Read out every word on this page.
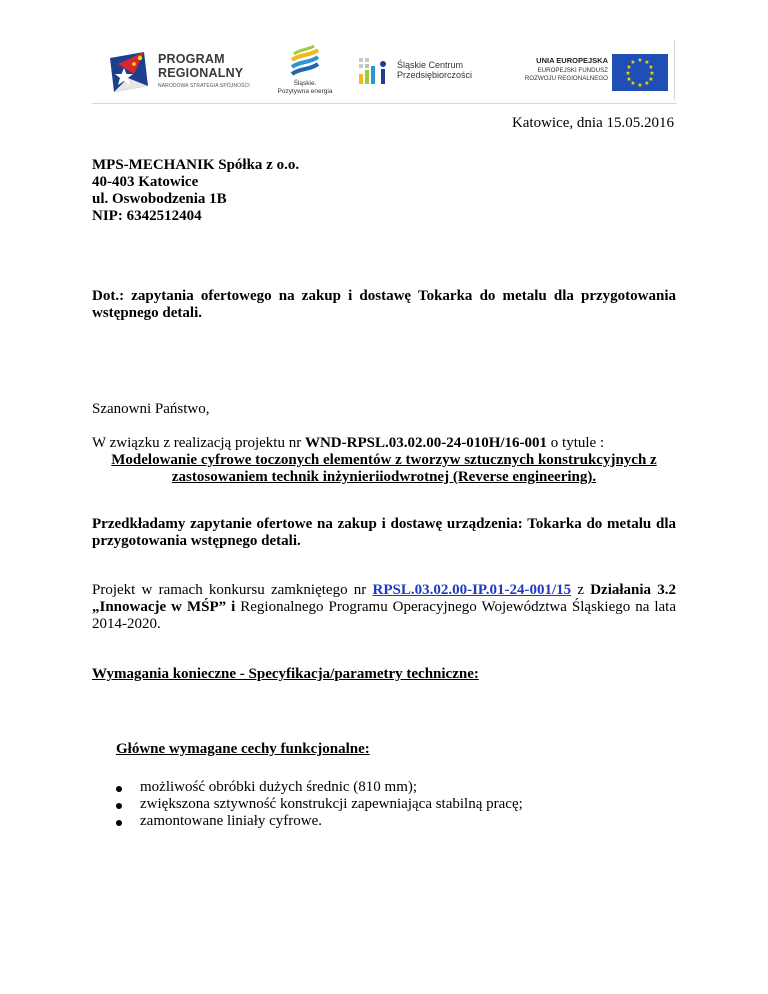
PROGRAM
REGIONALNY
NARODOWA STRATEGIA SPÓJNOŚCI	Śląskie.
Pozytywna energia
Śląskie Centrum
Przedsiębiorczości
UNIA EUROPEJSKA
EUROPEJSKI FUNDUSZ
ROZWOJU REGIONALNEGO
★ ★
★
★
★
★
★
★
★
★
★
★
Katowice, dnia 15.05.2016
MPS-MECHANIK Spółka z o.o.
40-403 Katowice
ul. Oswobodzenia 1B
NIP: 6342512404
Dot.: zapytania ofertowego na zakup i dostawę Tokarka do metalu dla przygotowania wstępnego detali.
Szanowni Państwo,
W związku z realizacją projektu nr WND-RPSL.03.02.00-24-010H/16-001 o tytule :
Modelowanie cyfrowe toczonych elementów z tworzyw sztucznych konstrukcyjnych z
zastosowaniem technik inżynieriiodwrotnej (Reverse engineering).
Przedkładamy zapytanie ofertowe na zakup i dostawę urządzenia: Tokarka do metalu dla przygotowania wstępnego detali.
Projekt w ramach konkursu zamkniętego nr RPSL.03.02.00-IP.01-24-001/15 z Działania 3.2 „Innowacje w MŚP” i Regionalnego Programu Operacyjnego Województwa Śląskiego na lata 2014-2020.
Wymagania konieczne - Specyfikacja/parametry techniczne:
Główne wymagane cechy funkcjonalne:
możliwość obróbki dużych średnic (810 mm);
zwiększona sztywność konstrukcji zapewniająca stabilną pracę;
zamontowane liniały cyfrowe.
